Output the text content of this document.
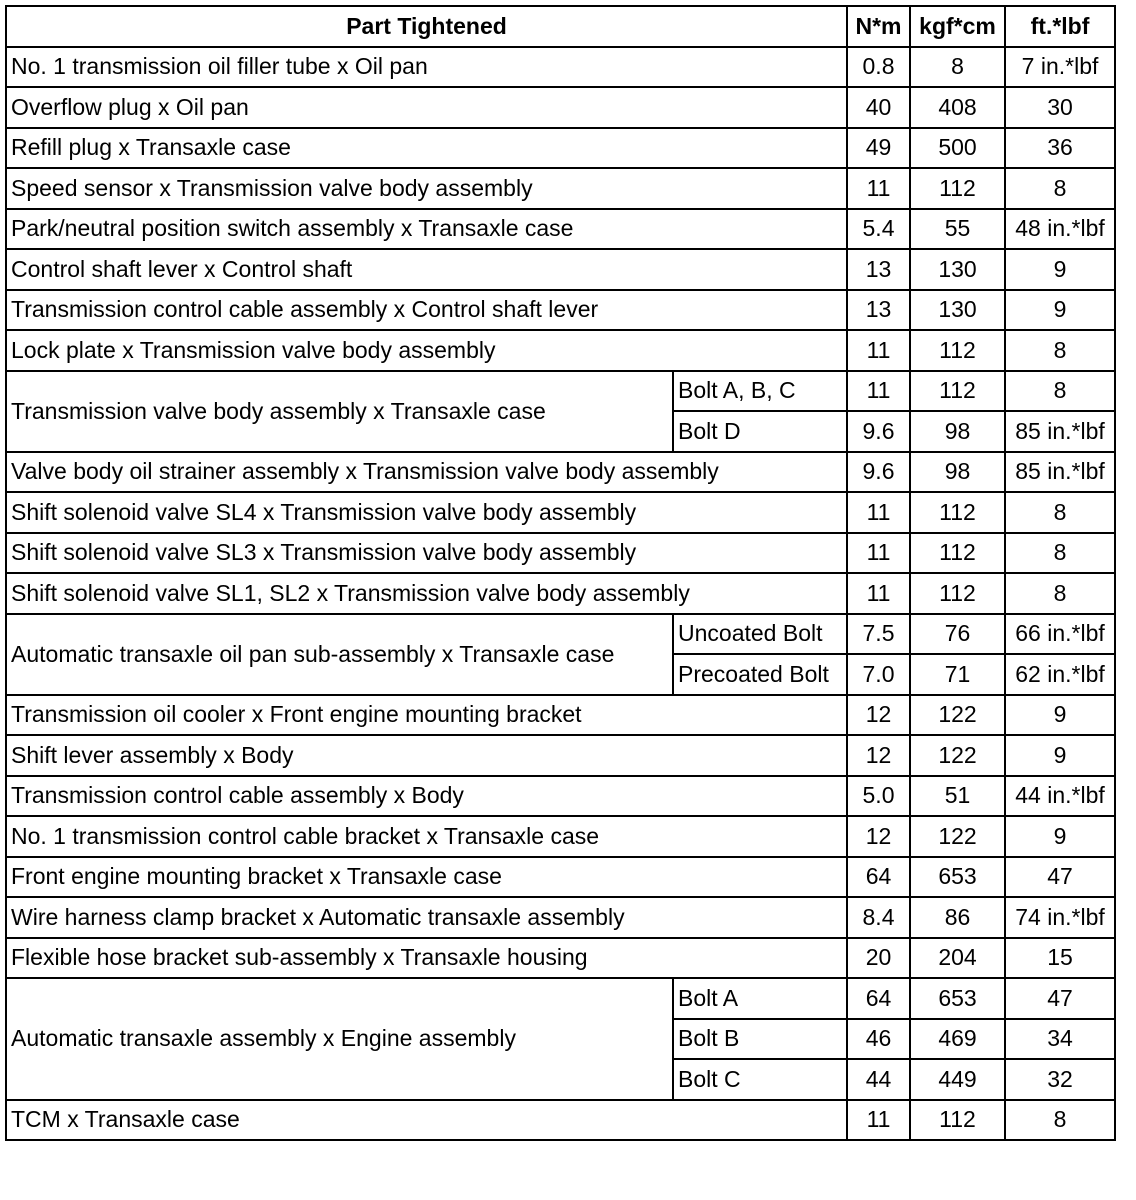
Part Tightened		N*m	kgf*cm	ft.*lbf
No. 1 transmission oil filler tube x Oil pan		0.8	8	7 in.*lbf
Overflow plug x Oil pan		40	408	30
Refill plug x Transaxle case		49	500	36
Speed sensor x Transmission valve body assembly		11	112	8
Park/neutral position switch assembly x Transaxle case		5.4	55	48 in.*lbf
Control shaft lever x Control shaft		13	130	9
Transmission control cable assembly x Control shaft lever		13	130	9
Lock plate x Transmission valve body assembly		11	112	8
Transmission valve body assembly x Transaxle case	Bolt A, B, C	11	112	8
	Bolt D	9.6	98	85 in.*lbf
Valve body oil strainer assembly x Transmission valve body assembly		9.6	98	85 in.*lbf
Shift solenoid valve SL4 x Transmission valve body assembly		11	112	8
Shift solenoid valve SL3 x Transmission valve body assembly		11	112	8
Shift solenoid valve SL1, SL2 x Transmission valve body assembly		11	112	8
Automatic transaxle oil pan sub-assembly x Transaxle case	Uncoated Bolt	7.5	76	66 in.*lbf
	Precoated Bolt	7.0	71	62 in.*lbf
Transmission oil cooler x Front engine mounting bracket		12	122	9
Shift lever assembly x Body		12	122	9
Transmission control cable assembly x Body		5.0	51	44 in.*lbf
No. 1 transmission control cable bracket x Transaxle case		12	122	9
Front engine mounting bracket x Transaxle case		64	653	47
Wire harness clamp bracket x Automatic transaxle assembly		8.4	86	74 in.*lbf
Flexible hose bracket sub-assembly x Transaxle housing		20	204	15
Automatic transaxle assembly x Engine assembly	Bolt A	64	653	47
	Bolt B	46	469	34
	Bolt C	44	449	32
TCM x Transaxle case		11	112	8
